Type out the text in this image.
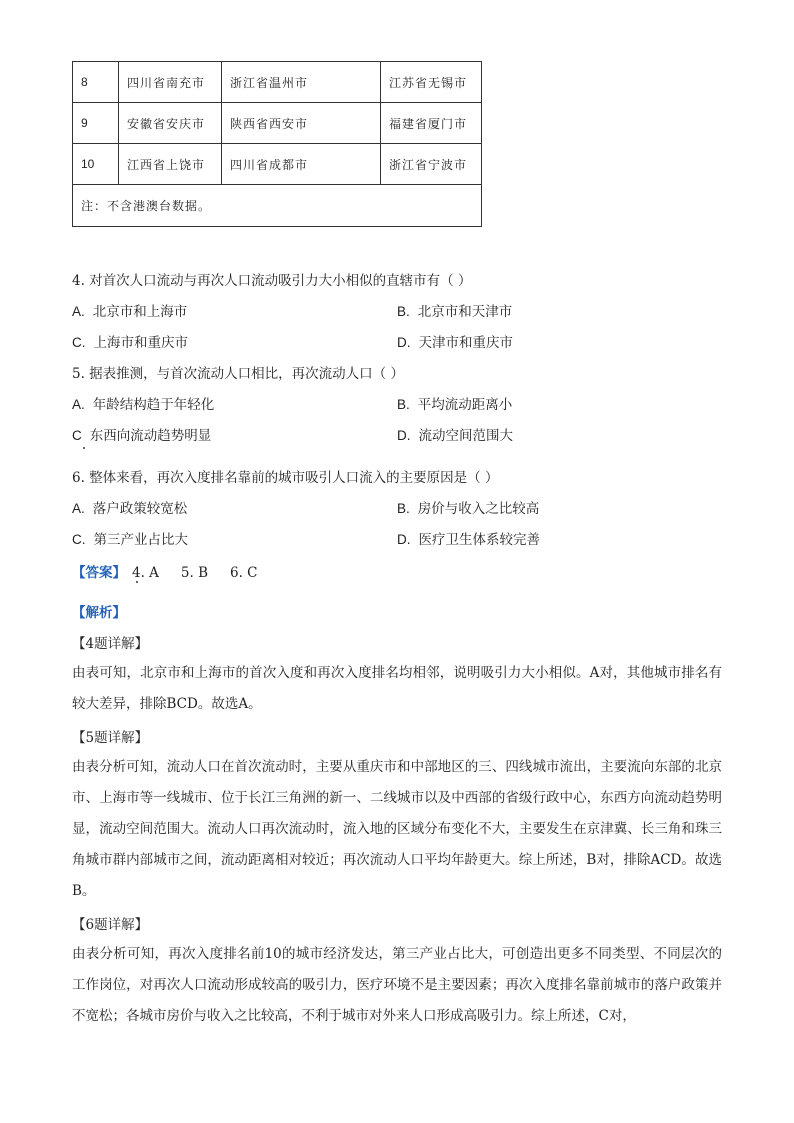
8	四川省南充市	浙江省温州市	江苏省无锡市
9	安徽省安庆市	陕西省西安市	福建省厦门市
10	江西省上饶市	四川省成都市	浙江省宁波市
注：不含港澳台数据。			
4. 对首次人口流动与再次人口流动吸引力大小相似的直辖市有（ ）
A. 北京市和上海市	B. 北京市和天津市
C. 上海市和重庆市	D. 天津市和重庆市
5. 据表推测，与首次流动人口相比，再次流动人口（ ）
A. 年龄结构趋于年轻化	B. 平均流动距离小
C 东西向流动趋势明显	D. 流动空间范围大
6. 整体来看，再次入度排名靠前的城市吸引人口流入的主要原因是（ ）
A. 落户政策较宽松	B. 房价与收入之比较高
C. 第三产业占比大	D. 医疗卫生体系较完善
【答案】 4. A 5. B 6. C
【解析】
【4题详解】
由表可知，北京市和上海市的首次入度和再次入度排名均相邻，说明吸引力大小相似。A对，其他城市排名有较大差异，排除BCD。故选A。
【5题详解】
由表分析可知，流动人口在首次流动时，主要从重庆市和中部地区的三、四线城市流出，主要流向东部的北京市、上海市等一线城市、位于长江三角洲的新一、二线城市以及中西部的省级行政中心，东西方向流动趋势明显，流动空间范围大。流动人口再次流动时，流入地的区域分布变化不大，主要发生在京津冀、长三角和珠三角城市群内部城市之间，流动距离相对较近；再次流动人口平均年龄更大。综上所述，B对，排除ACD。故选B。
【6题详解】
由表分析可知，再次入度排名前10的城市经济发达，第三产业占比大，可创造出更多不同类型、不同层次的工作岗位，对再次人口流动形成较高的吸引力，医疗环境不是主要因素；再次入度排名靠前城市的落户政策并不宽松；各城市房价与收入之比较高，不利于城市对外来人口形成高吸引力。综上所述，C对，
